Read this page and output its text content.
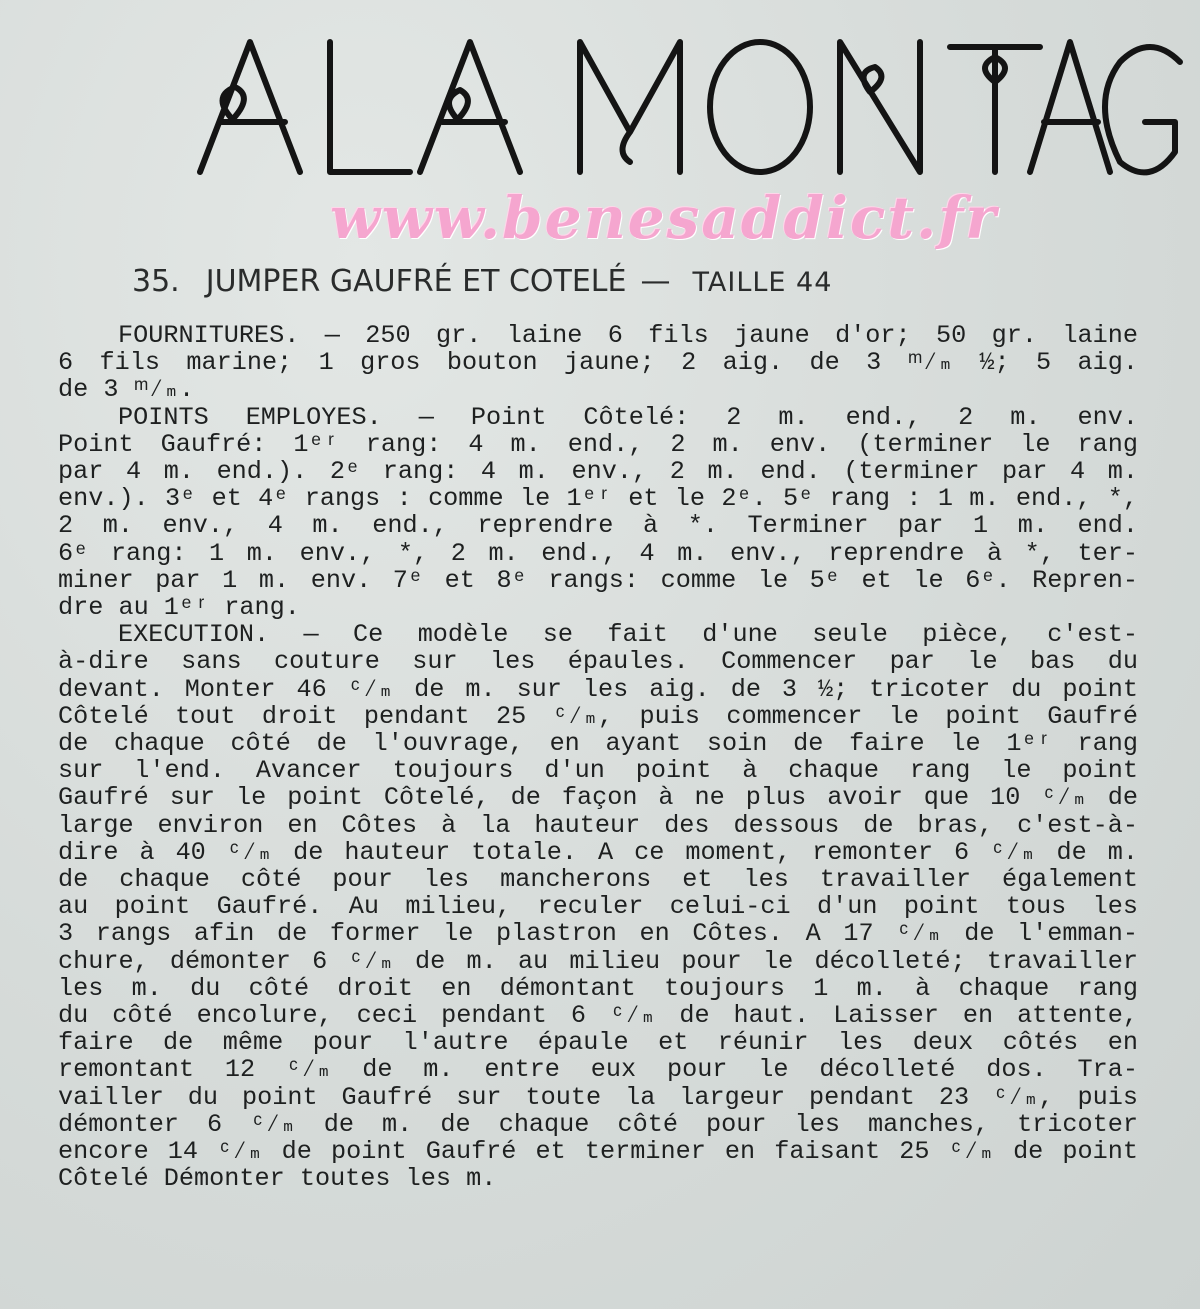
www.benesaddict.fr
35. JUMPER GAUFRÉ ET COTELÉ — TAILLE 44
FOURNITURES. — 250 gr. laine 6 fils jaune d'or; 50 gr. laine
6 fils marine; 1 gros bouton jaune; 2 aig. de 3 ᵐ⁄ₘ ½; 5 aig.
de 3 ᵐ⁄ₘ.
POINTS EMPLOYES. — Point Côtelé: 2 m. end., 2 m. env.
Point Gaufré: 1ᵉʳ rang: 4 m. end., 2 m. env. (terminer le rang
par 4 m. end.). 2ᵉ rang: 4 m. env., 2 m. end. (terminer par 4 m.
env.). 3ᵉ et 4ᵉ rangs : comme le 1ᵉʳ et le 2ᵉ. 5ᵉ rang : 1 m. end., *,
2 m. env., 4 m. end., reprendre à *. Terminer par 1 m. end.
6ᵉ rang: 1 m. env., *, 2 m. end., 4 m. env., reprendre à *, ter-
miner par 1 m. env. 7ᵉ et 8ᵉ rangs: comme le 5ᵉ et le 6ᵉ. Repren-
dre au 1ᵉʳ rang.
EXECUTION. — Ce modèle se fait d'une seule pièce, c'est-
à-dire sans couture sur les épaules. Commencer par le bas du
devant. Monter 46 ᶜ⁄ₘ de m. sur les aig. de 3 ½; tricoter du point
Côtelé tout droit pendant 25 ᶜ⁄ₘ, puis commencer le point Gaufré
de chaque côté de l'ouvrage, en ayant soin de faire le 1ᵉʳ rang
sur l'end. Avancer toujours d'un point à chaque rang le point
Gaufré sur le point Côtelé, de façon à ne plus avoir que 10 ᶜ⁄ₘ de
large environ en Côtes à la hauteur des dessous de bras, c'est-à-
dire à 40 ᶜ⁄ₘ de hauteur totale. A ce moment, remonter 6 ᶜ⁄ₘ de m.
de chaque côté pour les mancherons et les travailler également
au point Gaufré. Au milieu, reculer celui-ci d'un point tous les
3 rangs afin de former le plastron en Côtes. A 17 ᶜ⁄ₘ de l'emman-
chure, démonter 6 ᶜ⁄ₘ de m. au milieu pour le décolleté; travailler
les m. du côté droit en démontant toujours 1 m. à chaque rang
du côté encolure, ceci pendant 6 ᶜ⁄ₘ de haut. Laisser en attente,
faire de même pour l'autre épaule et réunir les deux côtés en
remontant 12 ᶜ⁄ₘ de m. entre eux pour le décolleté dos. Tra-
vailler du point Gaufré sur toute la largeur pendant 23 ᶜ⁄ₘ, puis
démonter 6 ᶜ⁄ₘ de m. de chaque côté pour les manches, tricoter
encore 14 ᶜ⁄ₘ de point Gaufré et terminer en faisant 25 ᶜ⁄ₘ de point
Côtelé Démonter toutes les m.
